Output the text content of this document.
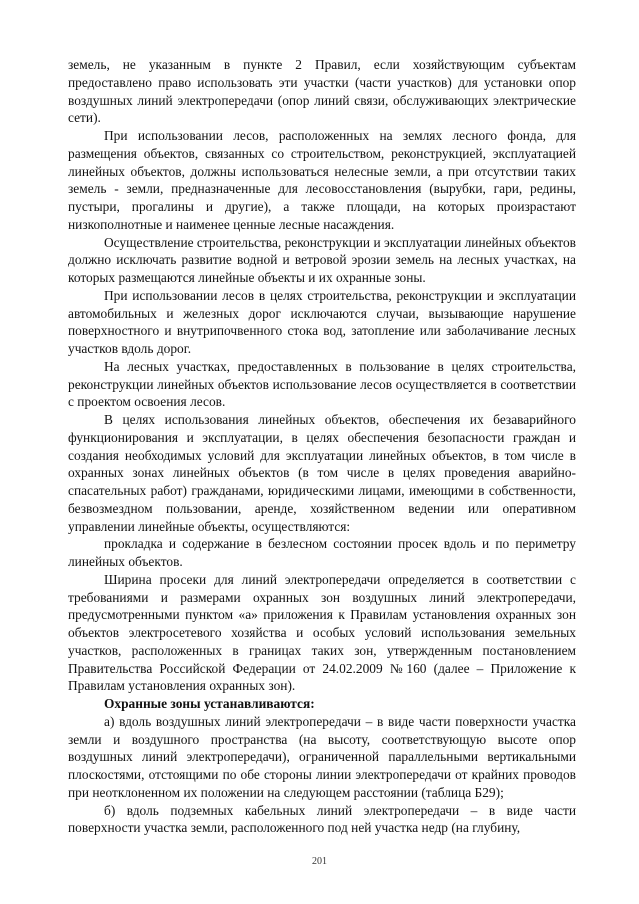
земель, не указанным в пункте 2 Правил, если хозяйствующим субъектам предоставлено право использовать эти участки (части участков) для установки опор воздушных линий электропередачи (опор линий связи, обслуживающих электрические сети).

При использовании лесов, расположенных на землях лесного фонда, для размещения объектов, связанных со строительством, реконструкцией, эксплуатацией линейных объектов, должны использоваться нелесные земли, а при отсутствии таких земель - земли, предназначенные для лесовосстановления (вырубки, гари, редины, пустыри, прогалины и другие), а также площади, на которых произрастают низкополнотные и наименее ценные лесные насаждения.

Осуществление строительства, реконструкции и эксплуатации линейных объектов должно исключать развитие водной и ветровой эрозии земель на лесных участках, на которых размещаются линейные объекты и их охранные зоны.

При использовании лесов в целях строительства, реконструкции и эксплуатации автомобильных и железных дорог исключаются случаи, вызывающие нарушение поверхностного и внутрипочвенного стока вод, затопление или заболачивание лесных участков вдоль дорог.

На лесных участках, предоставленных в пользование в целях строительства, реконструкции линейных объектов использование лесов осуществляется в соответствии с проектом освоения лесов.

В целях использования линейных объектов, обеспечения их безаварийного функционирования и эксплуатации, в целях обеспечения безопасности граждан и создания необходимых условий для эксплуатации линейных объектов, в том числе в охранных зонах линейных объектов (в том числе в целях проведения аварийно-спасательных работ) гражданами, юридическими лицами, имеющими в собственности, безвозмездном пользовании, аренде, хозяйственном ведении или оперативном управлении линейные объекты, осуществляются:

прокладка и содержание в безлесном состоянии просек вдоль и по периметру линейных объектов.

Ширина просеки для линий электропередачи определяется в соответствии с требованиями и размерами охранных зон воздушных линий электропередачи, предусмотренными пунктом «а» приложения к Правилам установления охранных зон объектов электросетевого хозяйства и особых условий использования земельных участков, расположенных в границах таких зон, утвержденным постановлением Правительства Российской Федерации от 24.02.2009 №160 (далее – Приложение к Правилам установления охранных зон).

Охранные зоны устанавливаются:

а) вдоль воздушных линий электропередачи – в виде части поверхности участка земли и воздушного пространства (на высоту, соответствующую высоте опор воздушных линий электропередачи), ограниченной параллельными вертикальными плоскостями, отстоящими по обе стороны линии электропередачи от крайних проводов при неотклоненном их положении на следующем расстоянии (таблица Б29);

б) вдоль подземных кабельных линий электропередачи – в виде части поверхности участка земли, расположенного под ней участка недр (на глубину,

201
